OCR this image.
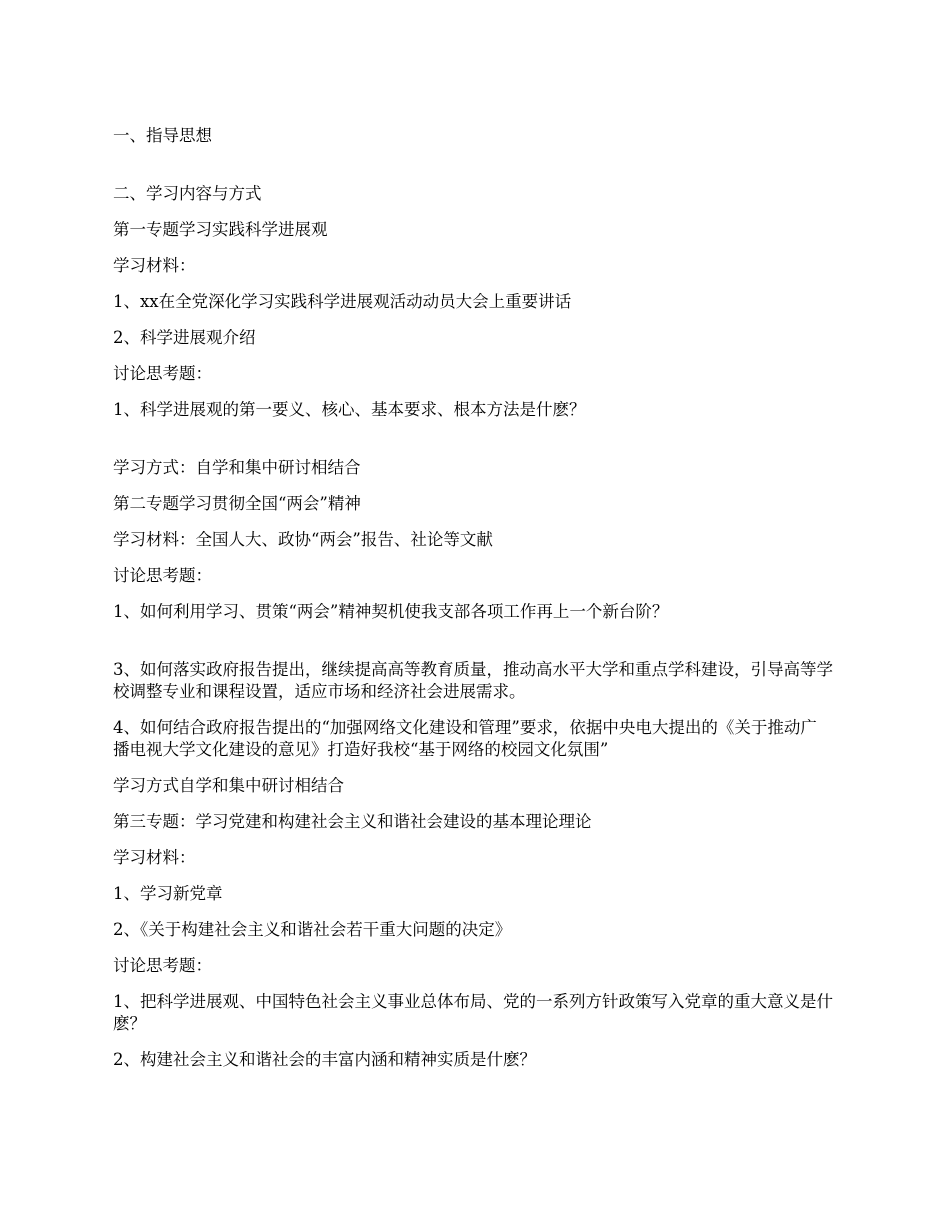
一、指导思想

二、学习内容与方式

第一专题学习实践科学进展观

学习材料：

1、xx在全党深化学习实践科学进展观活动动员大会上重要讲话

2、科学进展观介绍

讨论思考题：

1、科学进展观的第一要义、核心、基本要求、根本方法是什麽？

学习方式：自学和集中研讨相结合

第二专题学习贯彻全国“两会”精神

学习材料：全国人大、政协“两会”报告、社论等文献

讨论思考题：

1、如何利用学习、贯策“两会”精神契机使我支部各项工作再上一个新台阶？

3、如何落实政府报告提出，继续提高高等教育质量，推动高水平大学和重点学科建设，引导高等学校调整专业和课程设置，适应市场和经济社会进展需求。

4、如何结合政府报告提出的“加强网络文化建设和管理”要求，依据中央电大提出的《关于推动广播电视大学文化建设的意见》打造好我校“基于网络的校园文化氛围”

学习方式自学和集中研讨相结合

第三专题：学习党建和构建社会主义和谐社会建设的基本理论理论

学习材料：

1、学习新党章

2、《关于构建社会主义和谐社会若干重大问题的决定》

讨论思考题：

1、把科学进展观、中国特色社会主义事业总体布局、党的一系列方针政策写入党章的重大意义是什麽？

2、构建社会主义和谐社会的丰富内涵和精神实质是什麽？
